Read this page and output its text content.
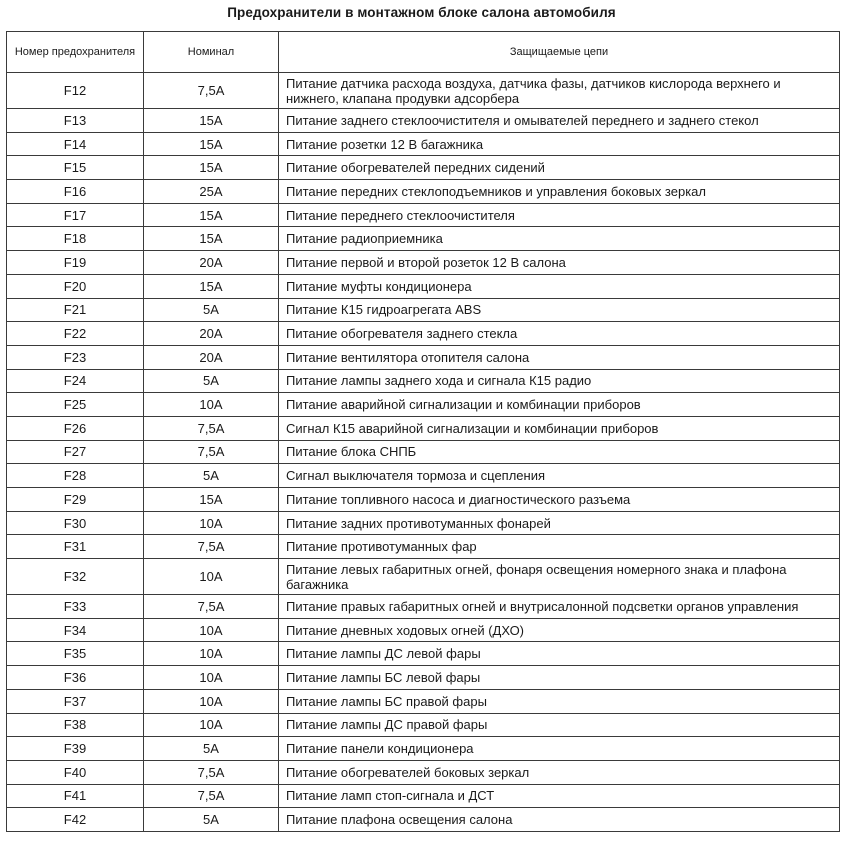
Предохранители в монтажном блоке салона автомобиля
Номер предохранителя	Номинал	Защищаемые цепи
F12	7,5А	Питание датчика расхода воздуха, датчика фазы, датчиков кислорода верхнего и нижнего, клапана продувки адсорбера
F13	15А	Питание заднего стеклоочистителя и омывателей переднего и заднего стекол
F14	15А	Питание розетки 12 В багажника
F15	15А	Питание обогревателей передних сидений
F16	25А	Питание передних стеклоподъемников и управления боковых зеркал
F17	15А	Питание переднего стеклоочистителя
F18	15А	Питание радиоприемника
F19	20А	Питание первой и второй розеток 12 В салона
F20	15А	Питание муфты кондиционера
F21	5А	Питание К15 гидроагрегата ABS
F22	20А	Питание обогревателя заднего стекла
F23	20А	Питание вентилятора отопителя салона
F24	5А	Питание лампы заднего хода и сигнала К15 радио
F25	10А	Питание аварийной сигнализации и комбинации приборов
F26	7,5А	Сигнал К15 аварийной сигнализации и комбинации приборов
F27	7,5А	Питание блока СНПБ
F28	5А	Сигнал выключателя тормоза и сцепления
F29	15А	Питание топливного насоса и диагностического разъема
F30	10А	Питание задних противотуманных фонарей
F31	7,5А	Питание противотуманных фар
F32	10А	Питание левых габаритных огней, фонаря освещения номерного знака и плафона багажника
F33	7,5А	Питание правых габаритных огней и внутрисалонной подсветки органов управления
F34	10А	Питание дневных ходовых огней (ДХО)
F35	10А	Питание лампы ДС левой фары
F36	10А	Питание лампы БС левой фары
F37	10А	Питание лампы БС правой фары
F38	10А	Питание лампы ДС правой фары
F39	5А	Питание панели кондиционера
F40	7,5А	Питание обогревателей боковых зеркал
F41	7,5А	Питание ламп стоп-сигнала и ДСТ
F42	5А	Питание плафона освещения салона
